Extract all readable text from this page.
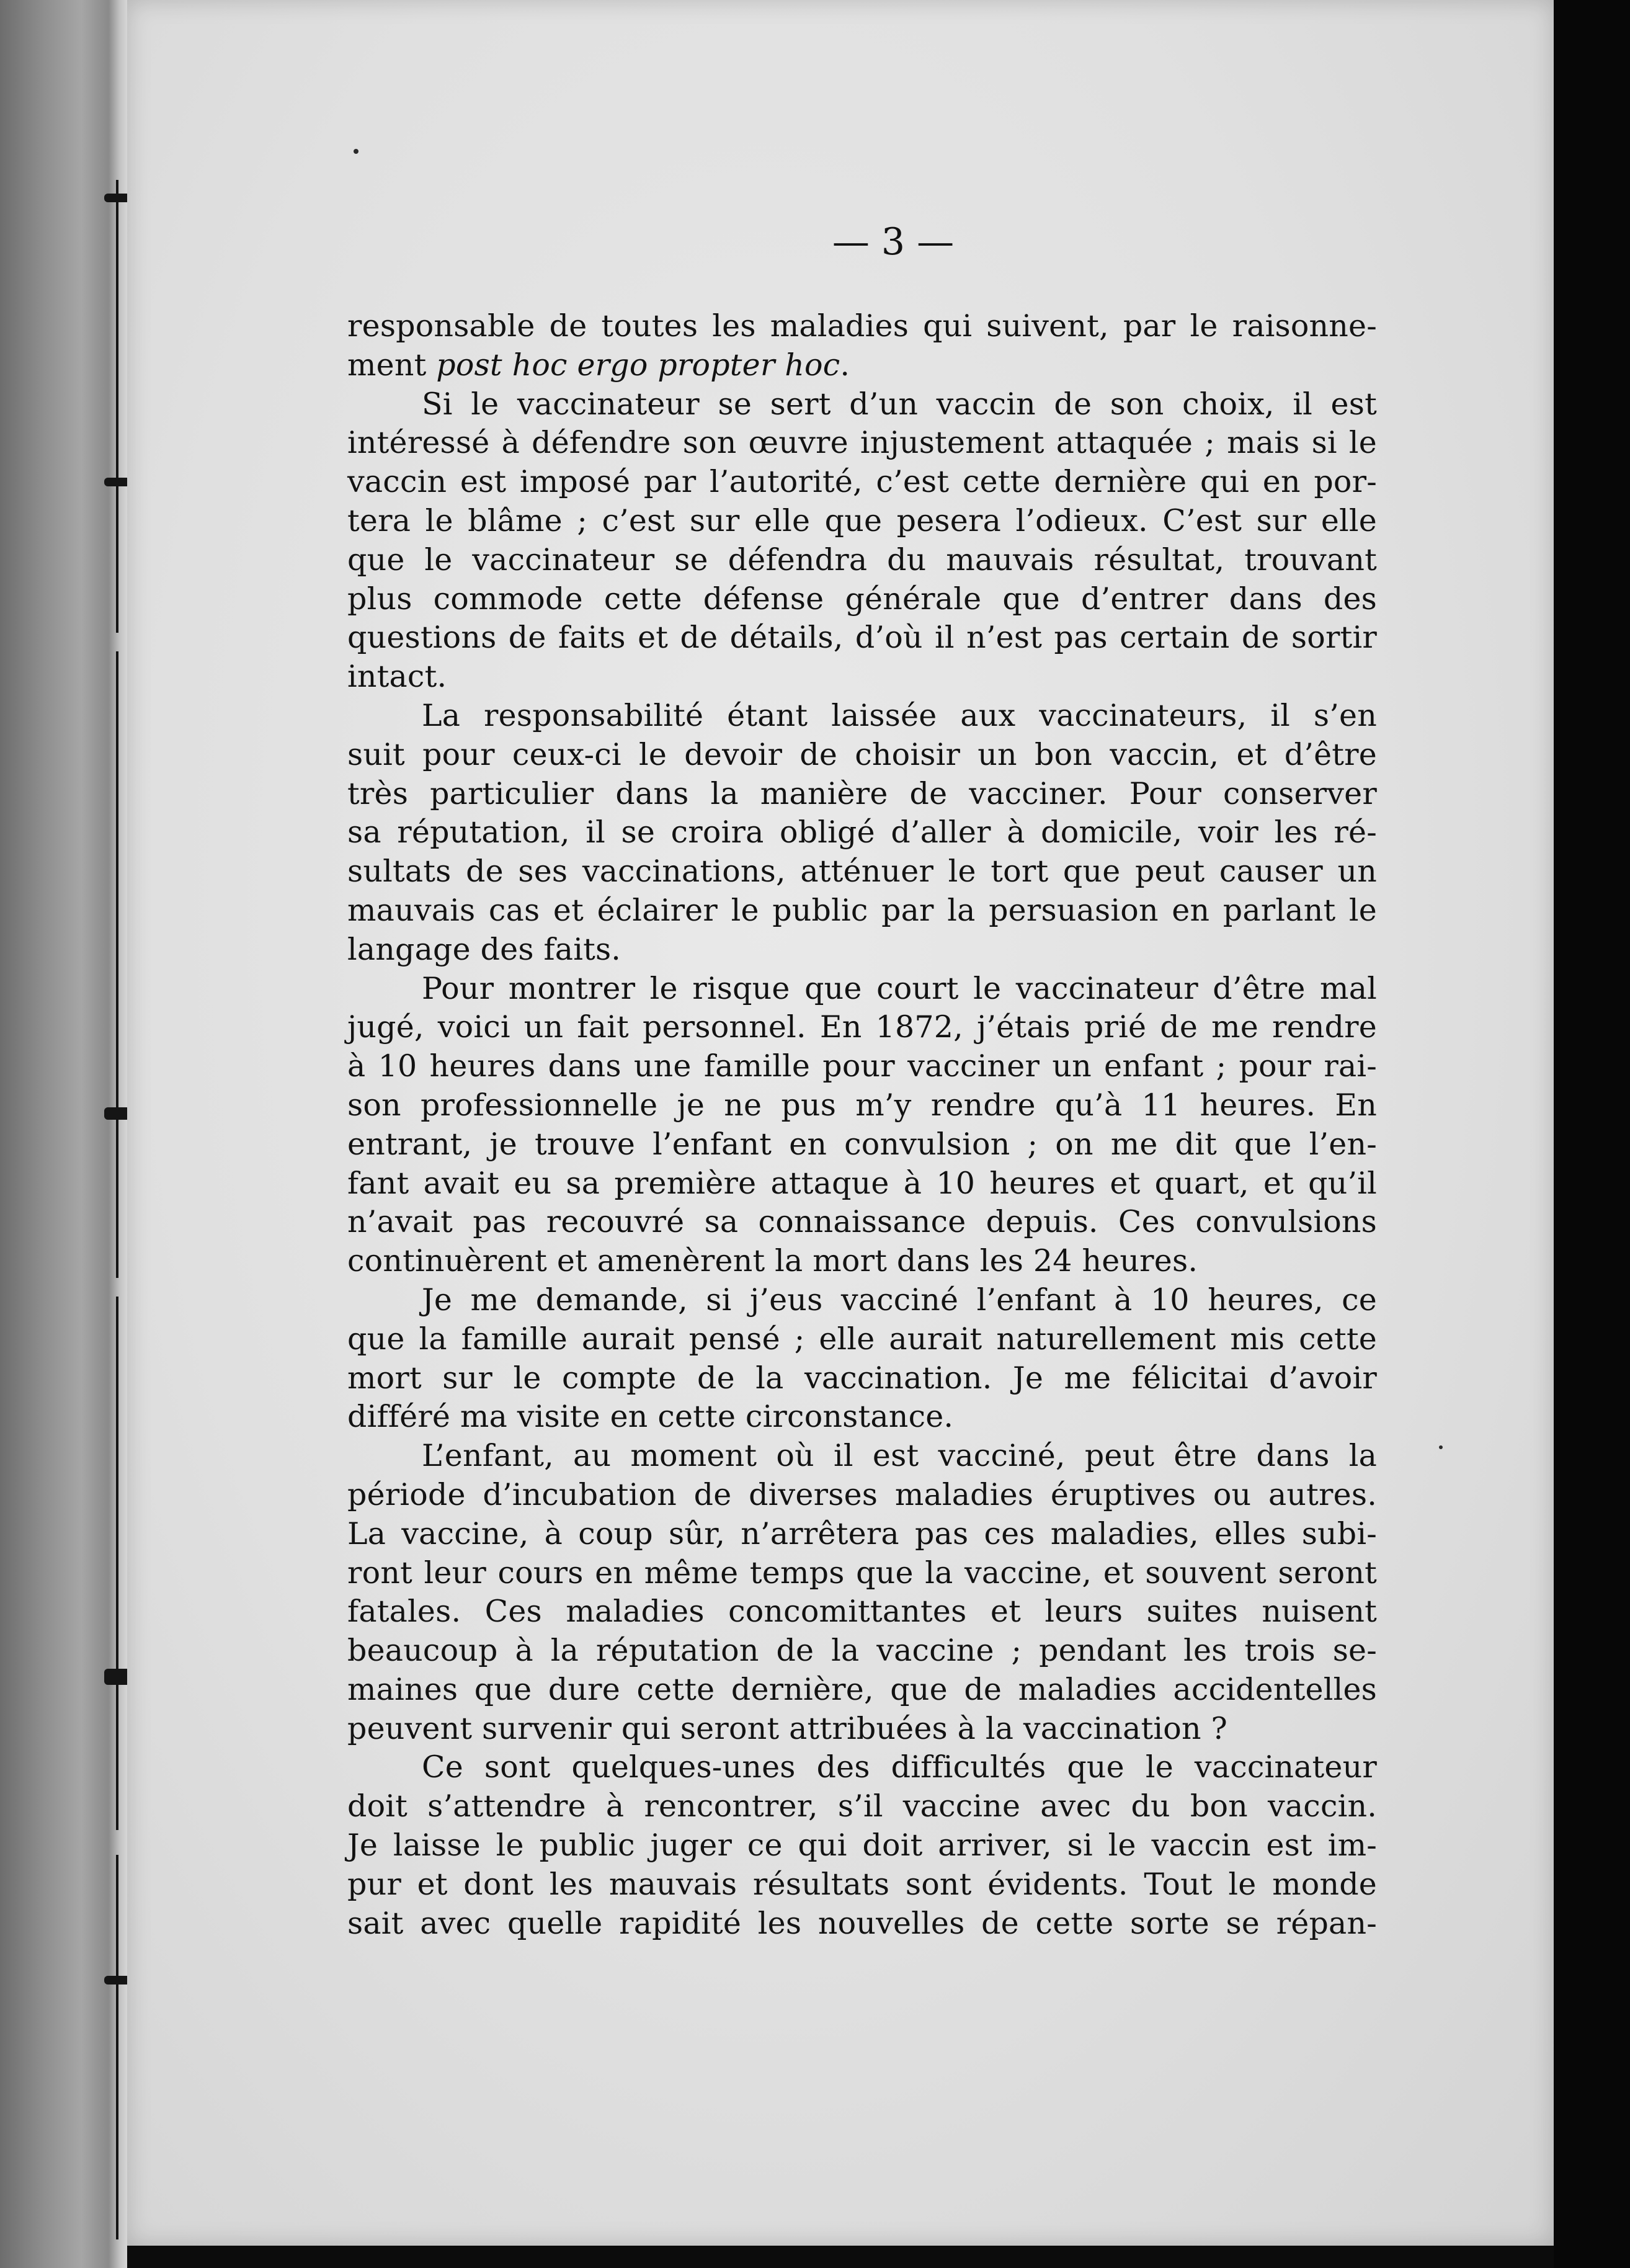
— 3 —

responsable de toutes les maladies qui suivent, par le raisonne-
ment post hoc ergo propter hoc.

Si le vaccinateur se sert d’un vaccin de son choix, il est
intéressé à défendre son œuvre injustement attaquée ; mais si le
vaccin est imposé par l’autorité, c’est cette dernière qui en por-
tera le blâme ; c’est sur elle que pesera l’odieux. C’est sur elle
que le vaccinateur se défendra du mauvais résultat, trouvant
plus commode cette défense générale que d’entrer dans des
questions de faits et de détails, d’où il n’est pas certain de sortir
intact.

La responsabilité étant laissée aux vaccinateurs, il s’en
suit pour ceux-ci le devoir de choisir un bon vaccin, et d’être
très particulier dans la manière de vacciner. Pour conserver
sa réputation, il se croira obligé d’aller à domicile, voir les ré-
sultats de ses vaccinations, atténuer le tort que peut causer un
mauvais cas et éclairer le public par la persuasion en parlant le
langage des faits.

Pour montrer le risque que court le vaccinateur d’être mal
jugé, voici un fait personnel. En 1872, j’étais prié de me rendre
à 10 heures dans une famille pour vacciner un enfant ; pour rai-
son professionnelle je ne pus m’y rendre qu’à 11 heures. En
entrant, je trouve l’enfant en convulsion ; on me dit que l’en-
fant avait eu sa première attaque à 10 heures et quart, et qu’il
n’avait pas recouvré sa connaissance depuis. Ces convulsions
continuèrent et amenèrent la mort dans les 24 heures.

Je me demande, si j’eus vacciné l’enfant à 10 heures, ce
que la famille aurait pensé ; elle aurait naturellement mis cette
mort sur le compte de la vaccination. Je me félicitai d’avoir
différé ma visite en cette circonstance.

L’enfant, au moment où il est vacciné, peut être dans la
période d’incubation de diverses maladies éruptives ou autres.
La vaccine, à coup sûr, n’arrêtera pas ces maladies, elles subi-
ront leur cours en même temps que la vaccine, et souvent seront
fatales. Ces maladies concomittantes et leurs suites nuisent
beaucoup à la réputation de la vaccine ; pendant les trois se-
maines que dure cette dernière, que de maladies accidentelles
peuvent survenir qui seront attribuées à la vaccination ?

Ce sont quelques-unes des difficultés que le vaccinateur
doit s’attendre à rencontrer, s’il vaccine avec du bon vaccin.
Je laisse le public juger ce qui doit arriver, si le vaccin est im-
pur et dont les mauvais résultats sont évidents. Tout le monde
sait avec quelle rapidité les nouvelles de cette sorte se répan-
